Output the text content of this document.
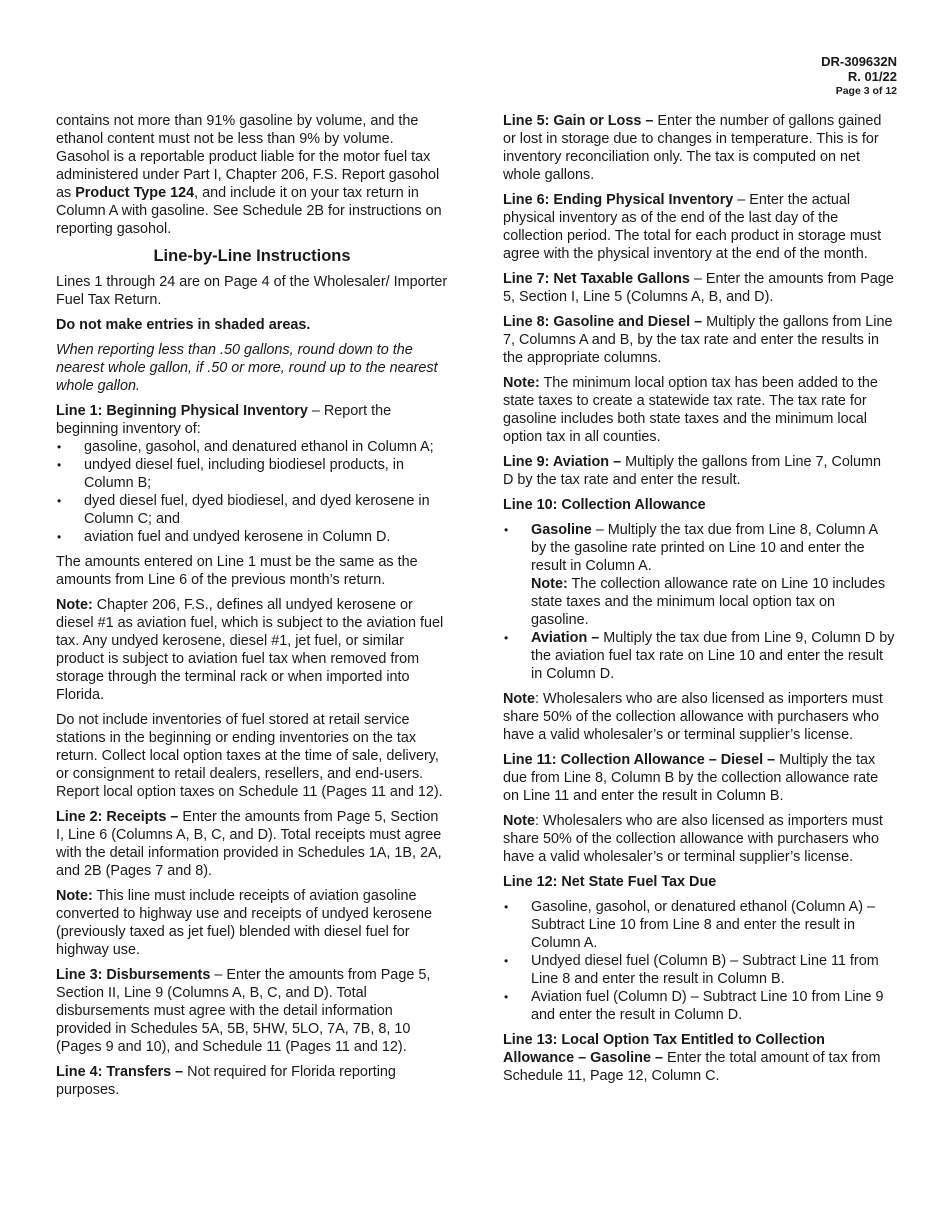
DR-309632N
R. 01/22
Page 3 of 12

contains not more than 91% gasoline by volume, and the ethanol content must not be less than 9% by volume. Gasohol is a reportable product liable for the motor fuel tax administered under Part I, Chapter 206, F.S. Report gasohol as Product Type 124, and include it on your tax return in Column A with gasoline. See Schedule 2B for instructions on reporting gasohol.

Line-by-Line Instructions

Lines 1 through 24 are on Page 4 of the Wholesaler/ Importer Fuel Tax Return.

Do not make entries in shaded areas.

When reporting less than .50 gallons, round down to the nearest whole gallon, if .50 or more, round up to the nearest whole gallon.

Line 1: Beginning Physical Inventory – Report the beginning inventory of:

• gasoline, gasohol, and denatured ethanol in Column A;
• undyed diesel fuel, including biodiesel products, in Column B;
• dyed diesel fuel, dyed biodiesel, and dyed kerosene in Column C; and
• aviation fuel and undyed kerosene in Column D.

The amounts entered on Line 1 must be the same as the amounts from Line 6 of the previous month’s return.

Note: Chapter 206, F.S., defines all undyed kerosene or diesel #1 as aviation fuel, which is subject to the aviation fuel tax. Any undyed kerosene, diesel #1, jet fuel, or similar product is subject to aviation fuel tax when removed from storage through the terminal rack or when imported into Florida.

Do not include inventories of fuel stored at retail service stations in the beginning or ending inventories on the tax return. Collect local option taxes at the time of sale, delivery, or consignment to retail dealers, resellers, and end-users. Report local option taxes on Schedule 11 (Pages 11 and 12).

Line 2: Receipts – Enter the amounts from Page 5, Section I, Line 6 (Columns A, B, C, and D). Total receipts must agree with the detail information provided in Schedules 1A, 1B, 2A, and 2B (Pages 7 and 8).

Note: This line must include receipts of aviation gasoline converted to highway use and receipts of undyed kerosene (previously taxed as jet fuel) blended with diesel fuel for highway use.

Line 3: Disbursements – Enter the amounts from Page 5, Section II, Line 9 (Columns A, B, C, and D). Total disbursements must agree with the detail information provided in Schedules 5A, 5B, 5HW, 5LO, 7A, 7B, 8, 10 (Pages 9 and 10), and Schedule 11 (Pages 11 and 12).

Line 4: Transfers – Not required for Florida reporting purposes.

Line 5: Gain or Loss – Enter the number of gallons gained or lost in storage due to changes in temperature. This is for inventory reconciliation only. The tax is computed on net whole gallons.

Line 6: Ending Physical Inventory – Enter the actual physical inventory as of the end of the last day of the collection period. The total for each product in storage must agree with the physical inventory at the end of the month.

Line 7: Net Taxable Gallons – Enter the amounts from Page 5, Section I, Line 5 (Columns A, B, and D).

Line 8: Gasoline and Diesel – Multiply the gallons from Line 7, Columns A and B, by the tax rate and enter the results in the appropriate columns.

Note: The minimum local option tax has been added to the state taxes to create a statewide tax rate. The tax rate for gasoline includes both state taxes and the minimum local option tax in all counties.

Line 9: Aviation – Multiply the gallons from Line 7, Column D by the tax rate and enter the result.

Line 10: Collection Allowance

• Gasoline – Multiply the tax due from Line 8, Column A by the gasoline rate printed on Line 10 and enter the result in Column A.
Note: The collection allowance rate on Line 10 includes state taxes and the minimum local option tax on gasoline.
• Aviation – Multiply the tax due from Line 9, Column D by the aviation fuel tax rate on Line 10 and enter the result in Column D.

Note: Wholesalers who are also licensed as importers must share 50% of the collection allowance with purchasers who have a valid wholesaler’s or terminal supplier’s license.

Line 11: Collection Allowance – Diesel – Multiply the tax due from Line 8, Column B by the collection allowance rate on Line 11 and enter the result in Column B.

Note: Wholesalers who are also licensed as importers must share 50% of the collection allowance with purchasers who have a valid wholesaler’s or terminal supplier’s license.

Line 12: Net State Fuel Tax Due

• Gasoline, gasohol, or denatured ethanol (Column A) – Subtract Line 10 from Line 8 and enter the result in Column A.
• Undyed diesel fuel (Column B) – Subtract Line 11 from Line 8 and enter the result in Column B.
• Aviation fuel (Column D) – Subtract Line 10 from Line 9 and enter the result in Column D.

Line 13: Local Option Tax Entitled to Collection Allowance – Gasoline – Enter the total amount of tax from Schedule 11, Page 12, Column C.
